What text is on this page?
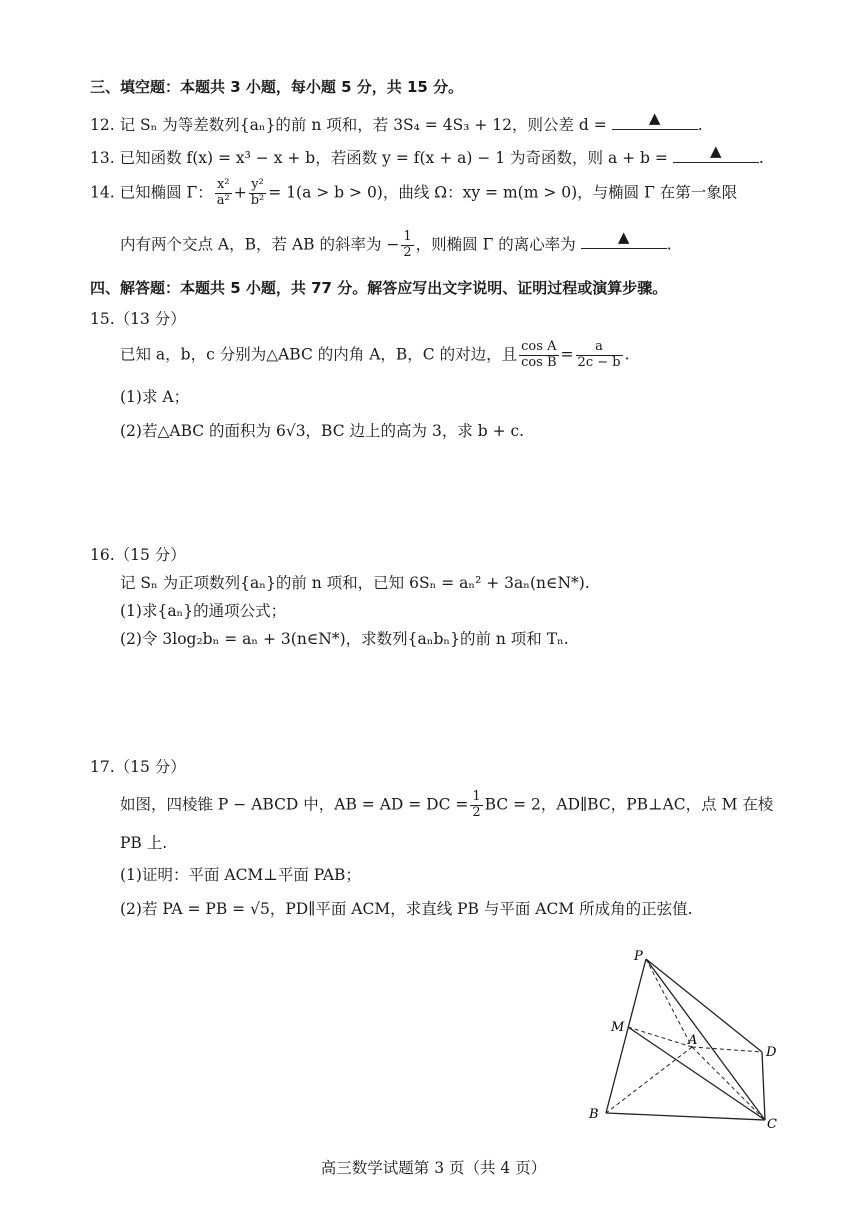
三、填空题：本题共 3 小题，每小题 5 分，共 15 分。
12. 记 Sₙ 为等差数列{aₙ}的前 n 项和，若 3S₄ = 4S₃ + 12，则公差 d =	▲ .
13. 已知函数 f(x) = x³ − x + b，若函数 y = f(x + a) − 1 为奇函数，则 a + b =	▲ .
14. 已知椭圆 Γ： $\frac{\text{x²}}{\text{a²}} + \frac{\text{y²}}{\text{b²}} = 1(a > b > 0)$，曲线 Ω：xy = m(m > 0)，与椭圆 Γ 在第一象限
内有两个交点 A，B，若 AB 的斜率为 − $\frac{1}{2}$ ，则椭圆 Γ 的离心率为	▲ .
四、解答题：本题共 5 小题，共 77 分。解答应写出文字说明、证明过程或演算步骤。
15.（13 分）
已知 a，b，c 分别为△ABC 的内角 A，B，C 的对边，且 $\frac{\text{cos A}}{\text{cos B}} = \frac{a}{2c - b}$ .
(1)求 A；
(2)若△ABC 的面积为 6√3，BC 边上的高为 3，求 b + c.
16.（15 分）
记 Sₙ 为正项数列{aₙ}的前 n 项和，已知 6Sₙ = aₙ² + 3aₙ(n∈N*).
(1)求{aₙ}的通项公式；
(2)令 3log₂bₙ = aₙ + 3(n∈N*)，求数列{aₙbₙ}的前 n 项和 Tₙ.
17.（15 分）
如图，四棱锥 P − ABCD 中，AB = AD = DC = $\frac{1}{2}$ BC = 2，AD∥BC，PB⊥AC，点 M 在棱
PB 上.
(1)证明：平面 ACM⊥平面 PAB；
(2)若 PA = PB = √5，PD∥平面 ACM，求直线 PB 与平面 ACM 所成角的正弦值.
P
M
A
D
B
C
高三数学试题第 3 页（共 4 页）
